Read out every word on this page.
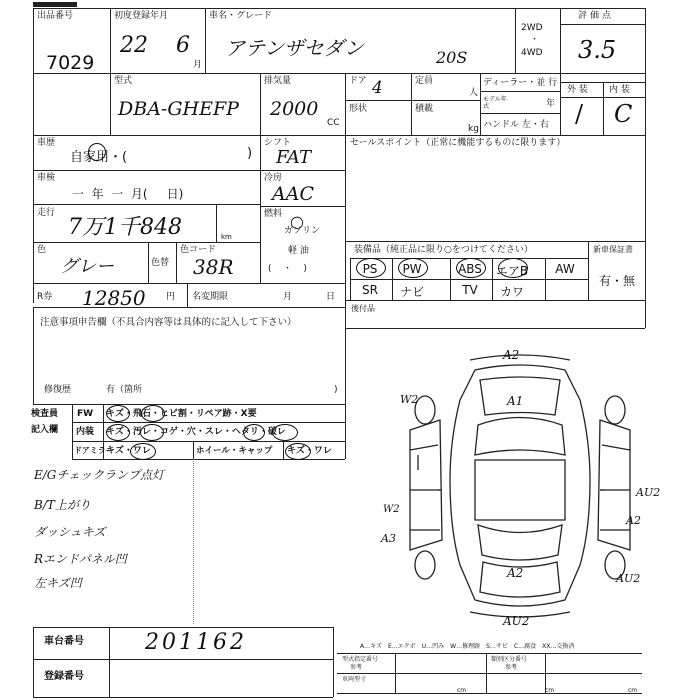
出品番号
7029
初度登録年月
22 6
月
車名・グレード
アテンザセダン	20S
2WD
・
4WD
評価点
3.5
型式
DBA-GHEFP
排気量
2000
CC
ドア 4	定員
人
形状	積載
kg
ディーラー・並 行
モデル年式	年
ハンドル 左・右
外 装 内 装
/ C
車歴
自家用・(	)
シフト
FAT
セールスポイント（正常に機能するものに限ります）
車検
一  年  一  月(     日)
冷房
AAC
走行
7万1千848	km
燃料 ○
ガソリン
軽 油
(    ・    )
色
グレー	色替
色コード
38R
R券 12850 円 名変期限	月	日
装備品（純正品に限り○をつけてください）	新車保証書
PS	PW	ABS	エアB	AW
SR	ナビ	TV	カワ
有・無
後付品
注意事項申告欄（不具合内容等は具体的に記入して下さい）
修復歴	有（箇所	)
検査員
記入欄
FW キズ・飛石・ヒビ割・リペア跡・X要
内装 キズ・汚レ・コゲ・穴・スレ・ヘタリ・破レ
ドアミラー
キズ・ワレ	ホイール・キャップ キズ・ワレ
E/Gチェックランプ点灯
B/T上がり
ダッシュキズ
Rエンドパネル凹
左キズ凹
A2
A1
W2
W2
A3
AU2
A2
A2	AU2
AU2
車台番号	201162
登録番号
A…キズ　E…エクボ　U…凹み　W…修理跡　S…サビ　C…腐食　XX…交換済
型式指定番号
参考
類別区分番号
参考
車両型寸
cm	cm	cm
